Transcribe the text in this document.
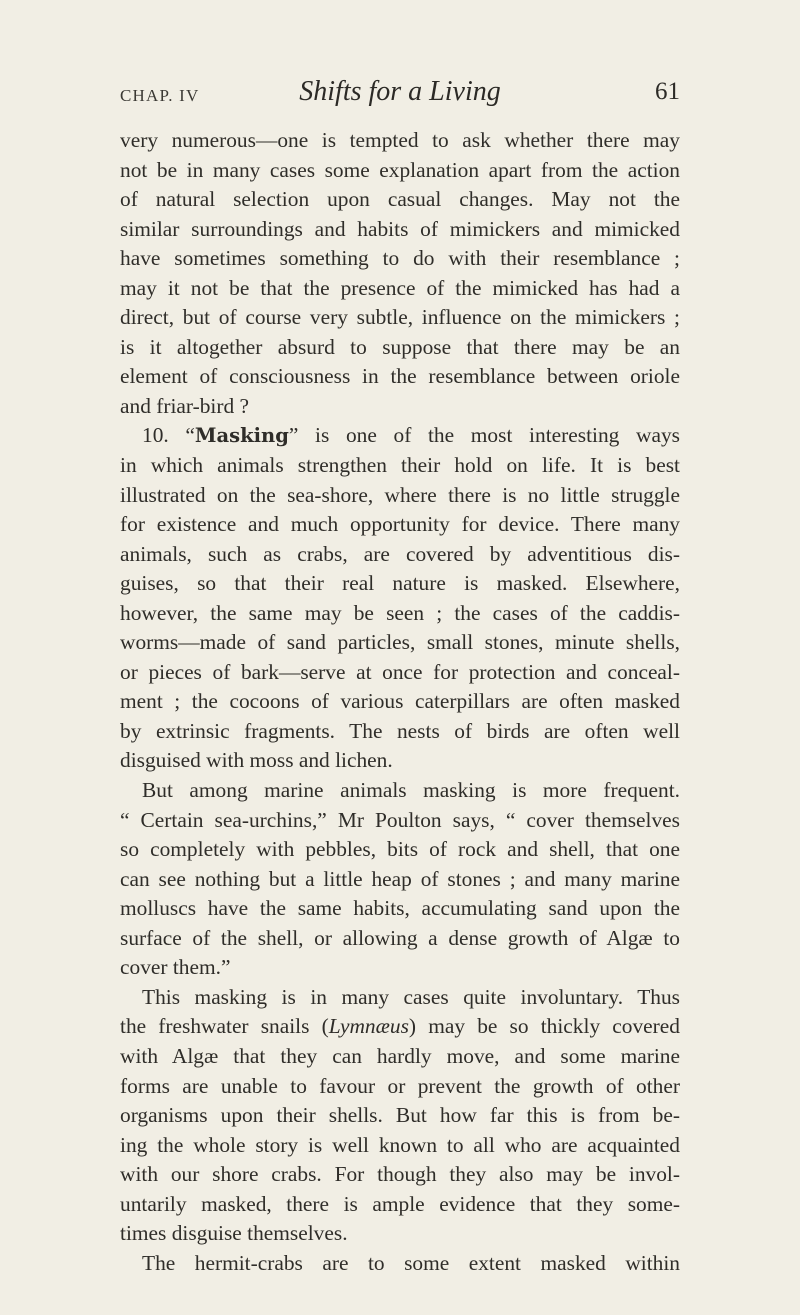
CHAP. IV	Shifts for a Living	61
very numerous—one is tempted to ask whether there may
not be in many cases some explanation apart from the action
of natural selection upon casual changes. May not the
similar surroundings and habits of mimickers and mimicked
have sometimes something to do with their resemblance ;
may it not be that the presence of the mimicked has had a
direct, but of course very subtle, influence on the mimickers ;
is it altogether absurd to suppose that there may be an
element of consciousness in the resemblance between oriole
and friar-bird ?
10. “Masking” is one of the most interesting ways
in which animals strengthen their hold on life. It is best
illustrated on the sea-shore, where there is no little struggle
for existence and much opportunity for device. There many
animals, such as crabs, are covered by adventitious dis-
guises, so that their real nature is masked. Elsewhere,
however, the same may be seen ; the cases of the caddis-
worms—made of sand particles, small stones, minute shells,
or pieces of bark—serve at once for protection and conceal-
ment ; the cocoons of various caterpillars are often masked
by extrinsic fragments. The nests of birds are often well
disguised with moss and lichen.
But among marine animals masking is more frequent.
“ Certain sea-urchins,” Mr Poulton says, “ cover themselves
so completely with pebbles, bits of rock and shell, that one
can see nothing but a little heap of stones ; and many marine
molluscs have the same habits, accumulating sand upon the
surface of the shell, or allowing a dense growth of Algæ to
cover them.”
This masking is in many cases quite involuntary. Thus
the freshwater snails (Lymnæus) may be so thickly covered
with Algæ that they can hardly move, and some marine
forms are unable to favour or prevent the growth of other
organisms upon their shells. But how far this is from be-
ing the whole story is well known to all who are acquainted
with our shore crabs. For though they also may be invol-
untarily masked, there is ample evidence that they some-
times disguise themselves.
The hermit-crabs are to some extent masked within
